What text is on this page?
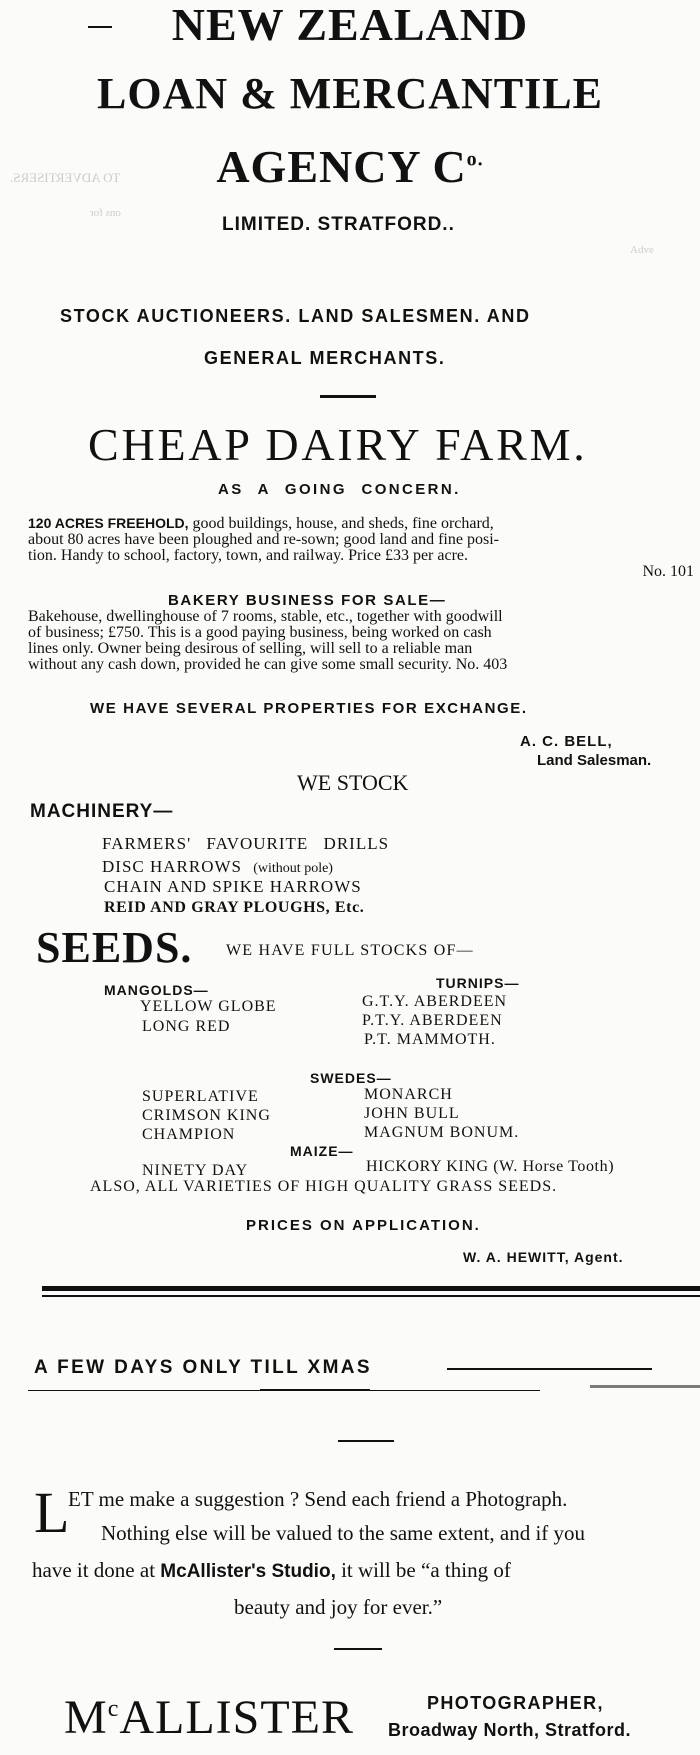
TO ADVERTISERS.
ons for
Adve
NEW ZEALAND
LOAN & MERCANTILE
AGENCY $C^{o.}$
LIMITED. STRATFORD..
STOCK AUCTIONEERS. LAND SALESMEN. AND
GENERAL MERCHANTS.
CHEAP DAIRY FARM.
AS A GOING CONCERN.
120 ACRES FREEHOLD, good buildings, house, and sheds, fine orchard,
about 80 acres have been ploughed and re-sown; good land and fine posi-
tion. Handy to school, factory, town, and railway. Price £33 per acre.
No. 101
BAKERY BUSINESS FOR SALE—
Bakehouse, dwellinghouse of 7 rooms, stable, etc., together with goodwill
of business; £750. This is a good paying business, being worked on cash
lines only. Owner being desirous of selling, will sell to a reliable man
without any cash down, provided he can give some small security. No. 403
WE HAVE SEVERAL PROPERTIES FOR EXCHANGE.
A. C. BELL,
Land Salesman.
WE STOCK
MACHINERY—
FARMERS' FAVOURITE DRILLS
DISC HARROWS (without pole)
CHAIN AND SPIKE HARROWS
REID AND GRAY PLOUGHS, Etc.
SEEDS. WE HAVE FULL STOCKS OF—
MANGOLDS—
YELLOW GLOBE
LONG RED
TURNIPS—
G.T.Y. ABERDEEN
P.T.Y. ABERDEEN
P.T. MAMMOTH.
SWEDES—
SUPERLATIVE
CRIMSON KING
CHAMPION
MONARCH
JOHN BULL
MAGNUM BONUM.
MAIZE—
NINETY DAY	HICKORY KING (W. Horse Tooth)
ALSO, ALL VARIETIES OF HIGH QUALITY GRASS SEEDS.
PRICES ON APPLICATION.
W. A. HEWITT, Agent.
A FEW DAYS ONLY TILL XMAS
L
ET me make a suggestion ? Send each friend a Photograph.
Nothing else will be valued to the same extent, and if you
have it done at McAllister's Studio, it will be “a thing of
beauty and joy for ever.”
$M^cALLISTER$	PHOTOGRAPHER,
Broadway North, Stratford.
